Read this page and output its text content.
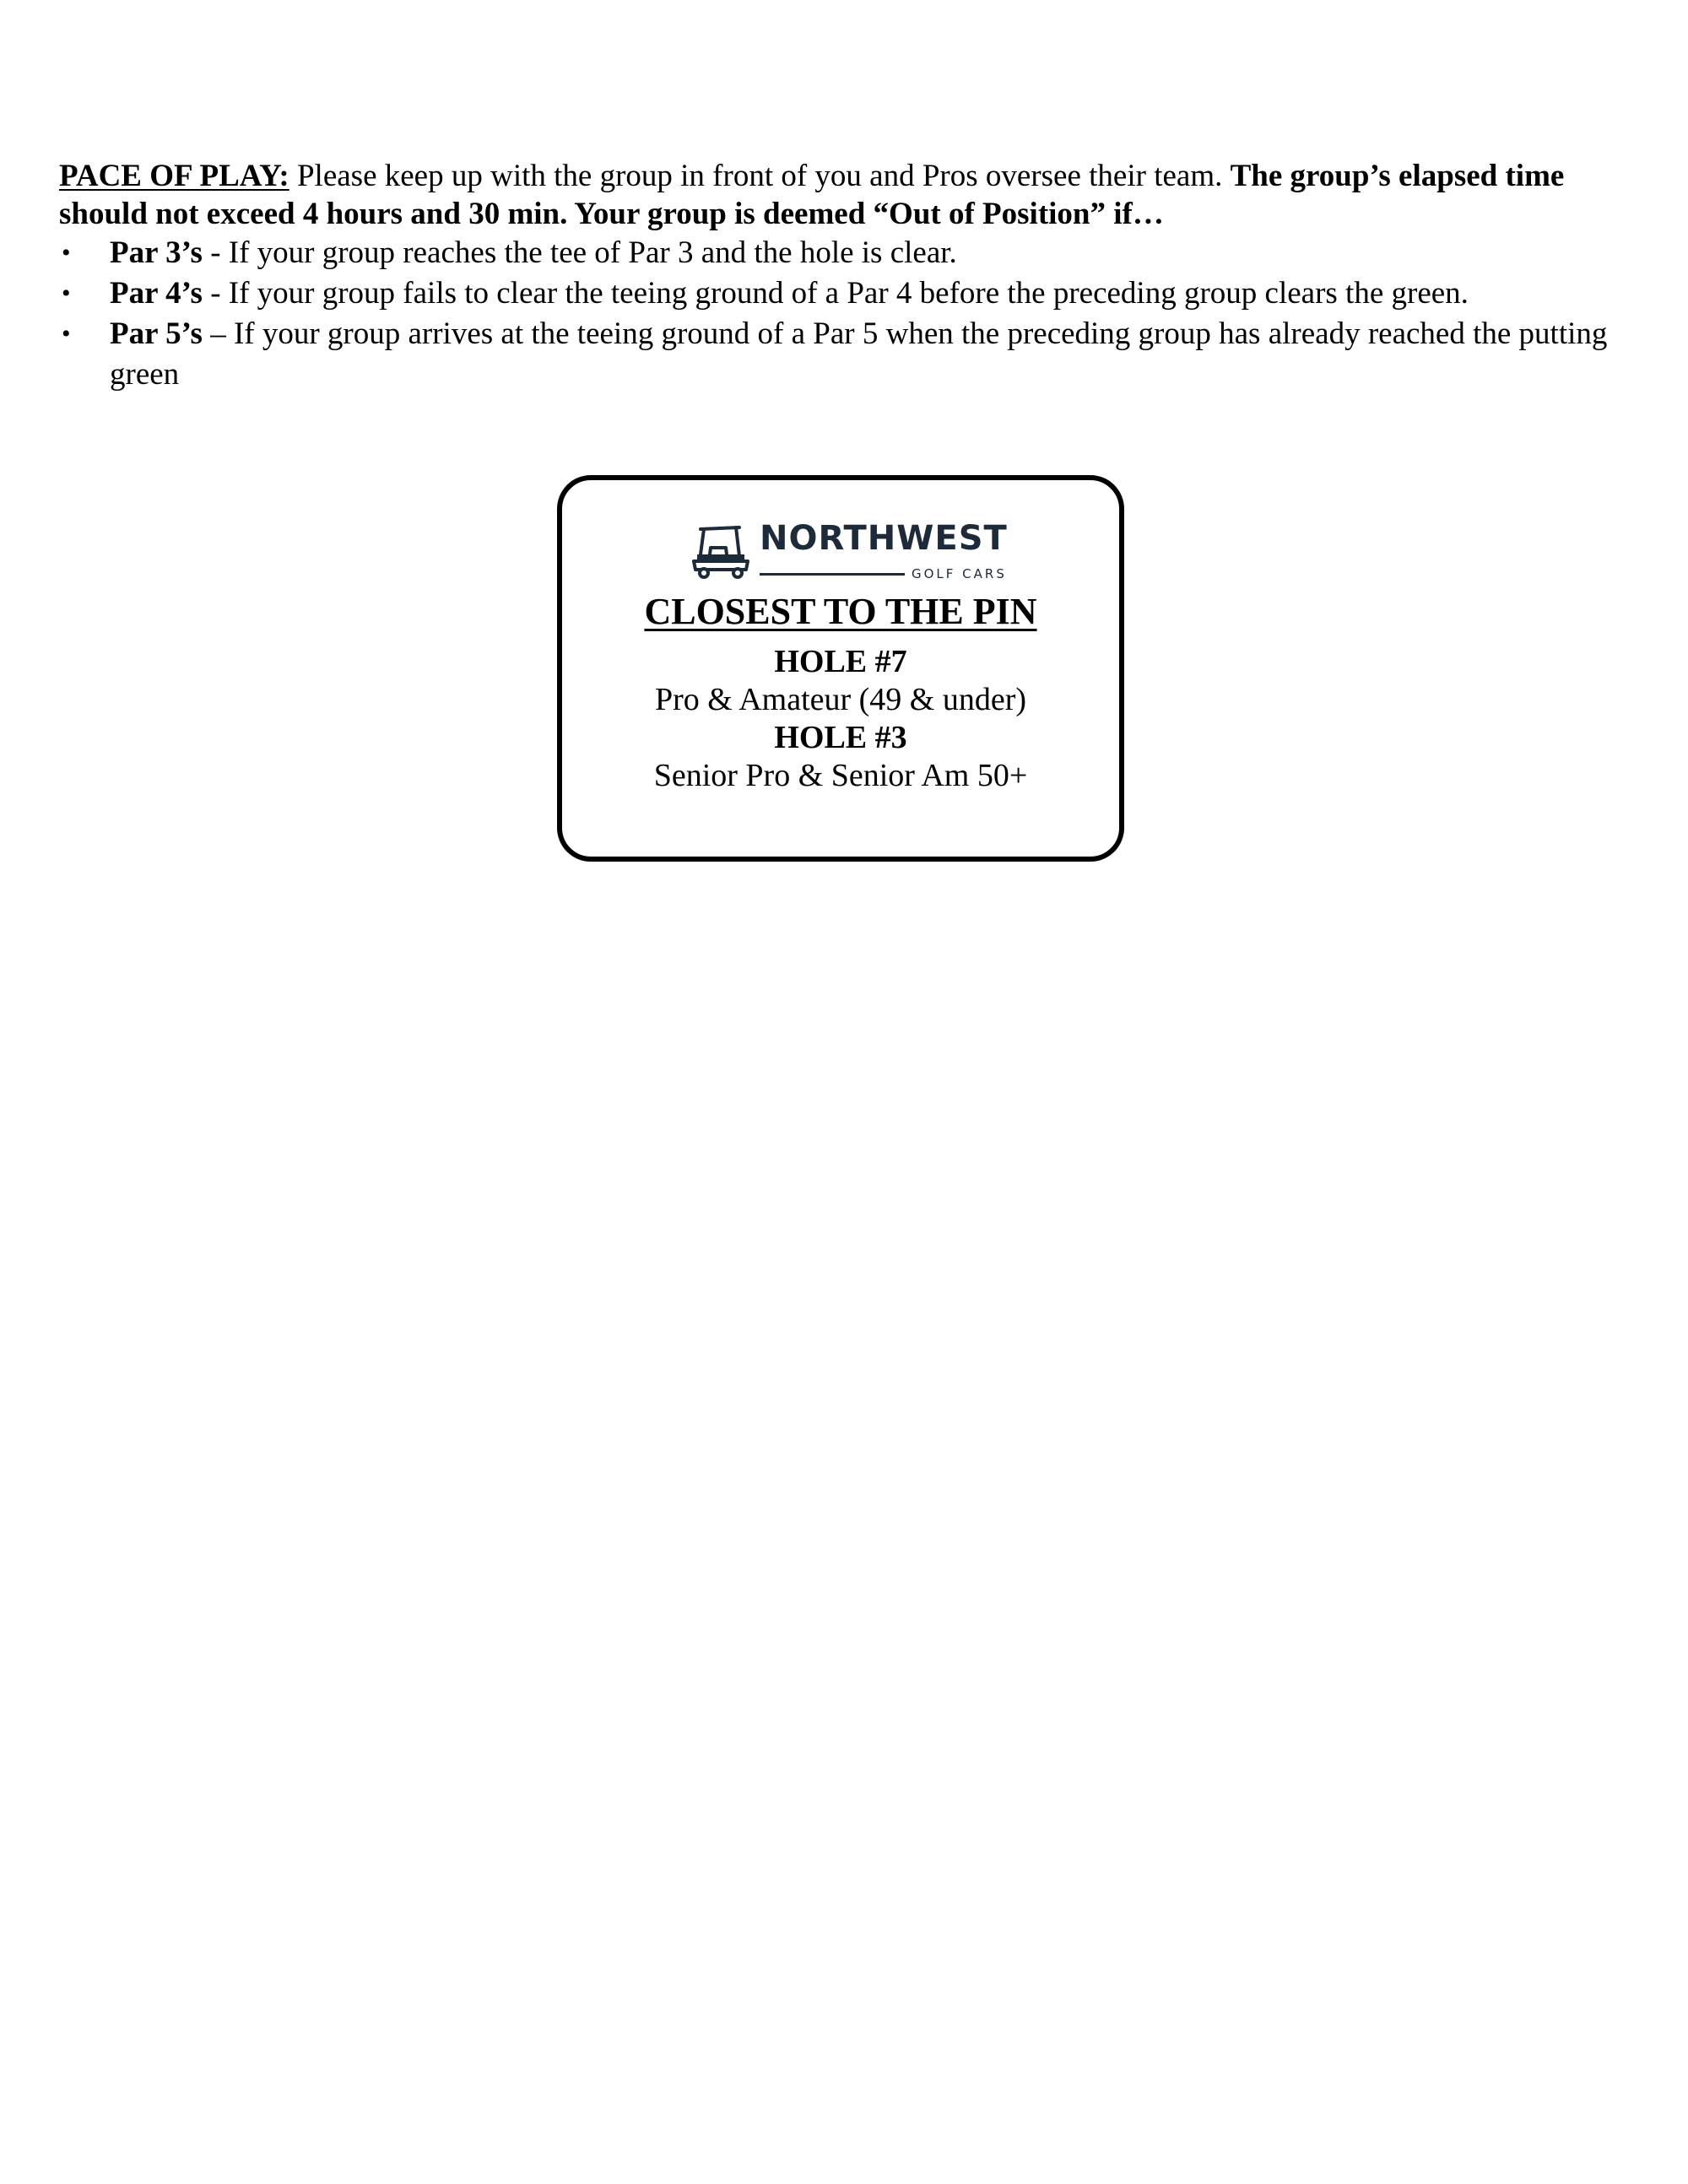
PACE OF PLAY: Please keep up with the group in front of you and Pros oversee their team. The group’s elapsed time should not exceed 4 hours and 30 min. Your group is deemed “Out of Position” if…

•	Par 3’s - If your group reaches the tee of Par 3 and the hole is clear.
•	Par 4’s - If your group fails to clear the teeing ground of a Par 4 before the preceding group clears the green.
•	Par 5’s – If your group arrives at the teeing ground of a Par 5 when the preceding group has already reached the putting green
NORTHWEST
GOLF CARS
CLOSEST TO THE PIN
HOLE #7
Pro & Amateur (49 & under)
HOLE #3
Senior Pro & Senior Am 50+
